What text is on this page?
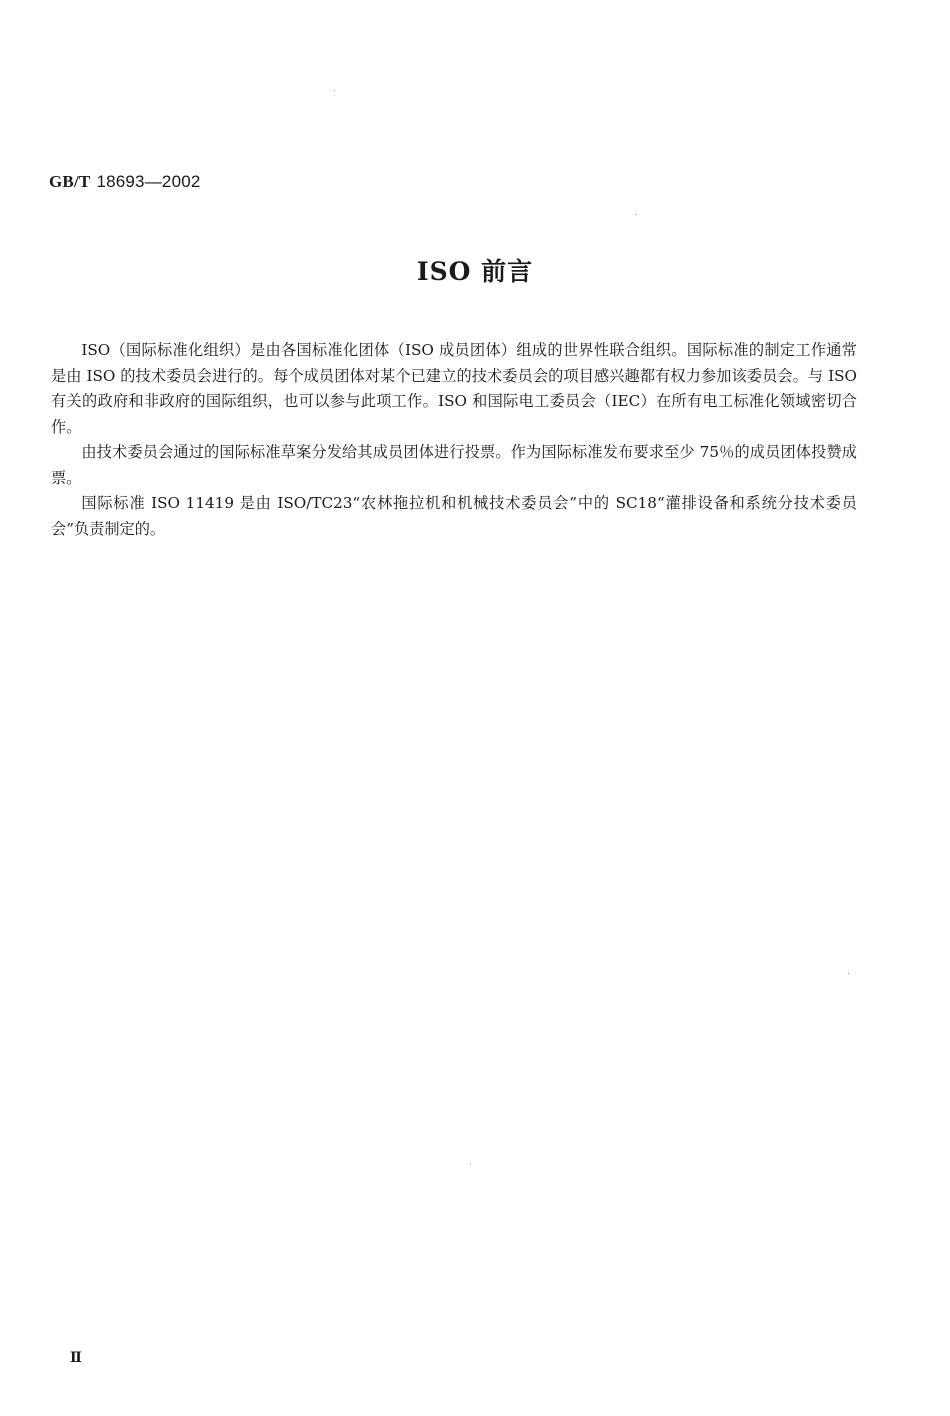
GB/T 18693—2002
ISO 前言

ISO（国际标准化组织）是由各国标准化团体（ISO 成员团体）组成的世界性联合组织。国际标准的制定工作通常是由 ISO 的技术委员会进行的。每个成员团体对某个已建立的技术委员会的项目感兴趣都有权力参加该委员会。与 ISO 有关的政府和非政府的国际组织，也可以参与此项工作。ISO 和国际电工委员会（IEC）在所有电工标准化领域密切合作。

由技术委员会通过的国际标准草案分发给其成员团体进行投票。作为国际标准发布要求至少 75％的成员团体投赞成票。

国际标准 ISO 11419 是由 ISO/TC23“农林拖拉机和机械技术委员会”中的 SC18“灌排设备和系统分技术委员会”负责制定的。

Ⅱ
